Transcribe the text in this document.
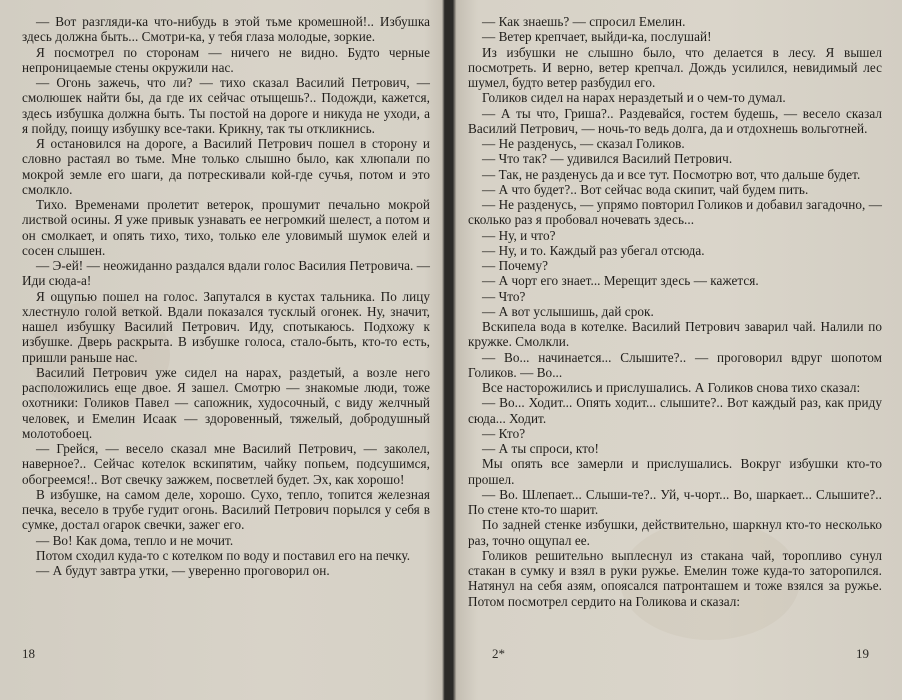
— Вот разгляди-ка что-нибудь в этой тьме кромешной!.. Избушка здесь должна быть... Смотри-ка, у тебя глаза молодые, зоркие.

Я посмотрел по сторонам — ничего не видно. Будто черные непроницаемые стены окружили нас.

— Огонь зажечь, что ли? — тихо сказал Василий Петрович, — смолюшек найти бы, да где их сейчас отыщешь?.. Подожди, кажется, здесь избушка должна быть. Ты постой на дороге и никуда не уходи, а я пойду, поищу избушку все-таки. Крикну, так ты откликнись.

Я остановился на дороге, а Василий Петрович пошел в сторону и словно растаял во тьме. Мне только слышно было, как хлюпали по мокрой земле его шаги, да потрескивали кой-где сучья, потом и это смолкло.

Тихо. Временами пролетит ветерок, прошумит печально мокрой листвой осины. Я уже привык узнавать ее негромкий шелест, а потом и он смолкает, и опять тихо, тихо, только еле уловимый шумок елей и сосен слышен.

— Э-ей! — неожиданно раздался вдали голос Василия Петровича. — Иди сюда-а!

Я ощупью пошел на голос. Запутался в кустах тальника. По лицу хлестнуло голой веткой. Вдали показался тусклый огонек. Ну, значит, нашел избушку Василий Петрович. Иду, спотыкаюсь. Подхожу к избушке. Дверь раскрыта. В избушке голоса, стало-быть, кто-то есть, пришли раньше нас.

Василий Петрович уже сидел на нарах, раздетый, а возле него расположились еще двое. Я зашел. Смотрю — знакомые люди, тоже охотники: Голиков Павел — сапожник, худосочный, с виду желчный человек, и Емелин Исаак — здоровенный, тяжелый, добродушный молотобоец.

— Грейся, — весело сказал мне Василий Петрович, — заколел, наверное?.. Сейчас котелок вскипятим, чайку попьем, подсушимся, обогреемся!.. Вот свечку зажжем, посветлей будет. Эх, как хорошо!

В избушке, на самом деле, хорошо. Сухо, тепло, топится железная печка, весело в трубе гудит огонь. Василий Петрович порылся у себя в сумке, достал огарок свечки, зажег его.

— Во! Как дома, тепло и не мочит.

Потом сходил куда-то с котелком по воду и поставил его на печку.

— А будут завтра утки, — уверенно проговорил он.

— Как знаешь? — спросил Емелин.

— Ветер крепчает, выйди-ка, послушай!

Из избушки не слышно было, что делается в лесу. Я вышел посмотреть. И верно, ветер крепчал. Дождь усилился, невидимый лес шумел, будто ветер разбудил его.

Голиков сидел на нарах нераздетый и о чем-то думал.

— А ты что, Гриша?.. Раздевайся, гостем будешь, — весело сказал Василий Петрович, — ночь-то ведь долга, да и отдохнешь вольготней.

— Не разденусь, — сказал Голиков.

— Что так? — удивился Василий Петрович.

— Так, не разденусь да и все тут. Посмотрю вот, что дальше будет.

— А что будет?.. Вот сейчас вода скипит, чай будем пить.

— Не разденусь, — упрямо повторил Голиков и добавил загадочно, — сколько раз я пробовал ночевать здесь...

— Ну, и что?

— Ну, и то. Каждый раз убегал отсюда.

— Почему?

— А чорт его знает... Мерещит здесь — кажется.

— Что?

— А вот услышишь, дай срок.

Вскипела вода в котелке. Василий Петрович заварил чай. Налили по кружке. Смолкли.

— Во... начинается... Слышите?.. — проговорил вдруг шопотом Голиков. — Во...

Все насторожились и прислушались. А Голиков снова тихо сказал:

— Во... Ходит... Опять ходит... слышите?.. Вот каждый раз, как приду сюда... Ходит.

— Кто?

— А ты спроси, кто!

Мы опять все замерли и прислушались. Вокруг избушки кто-то прошел.

— Во. Шлепает... Слыши-те?.. Уй, ч-чорт... Во, шаркает... Слышите?.. По стене кто-то шарит.

По задней стенке избушки, действительно, шаркнул кто-то несколько раз, точно ощупал ее.

Голиков решительно выплеснул из стакана чай, торопливо сунул стакан в сумку и взял в руки ружье. Емелин тоже куда-то заторопился. Натянул на себя азям, опоясался патронташем и тоже взялся за ружье. Потом посмотрел сердито на Голикова и сказал:

18	2*	19
